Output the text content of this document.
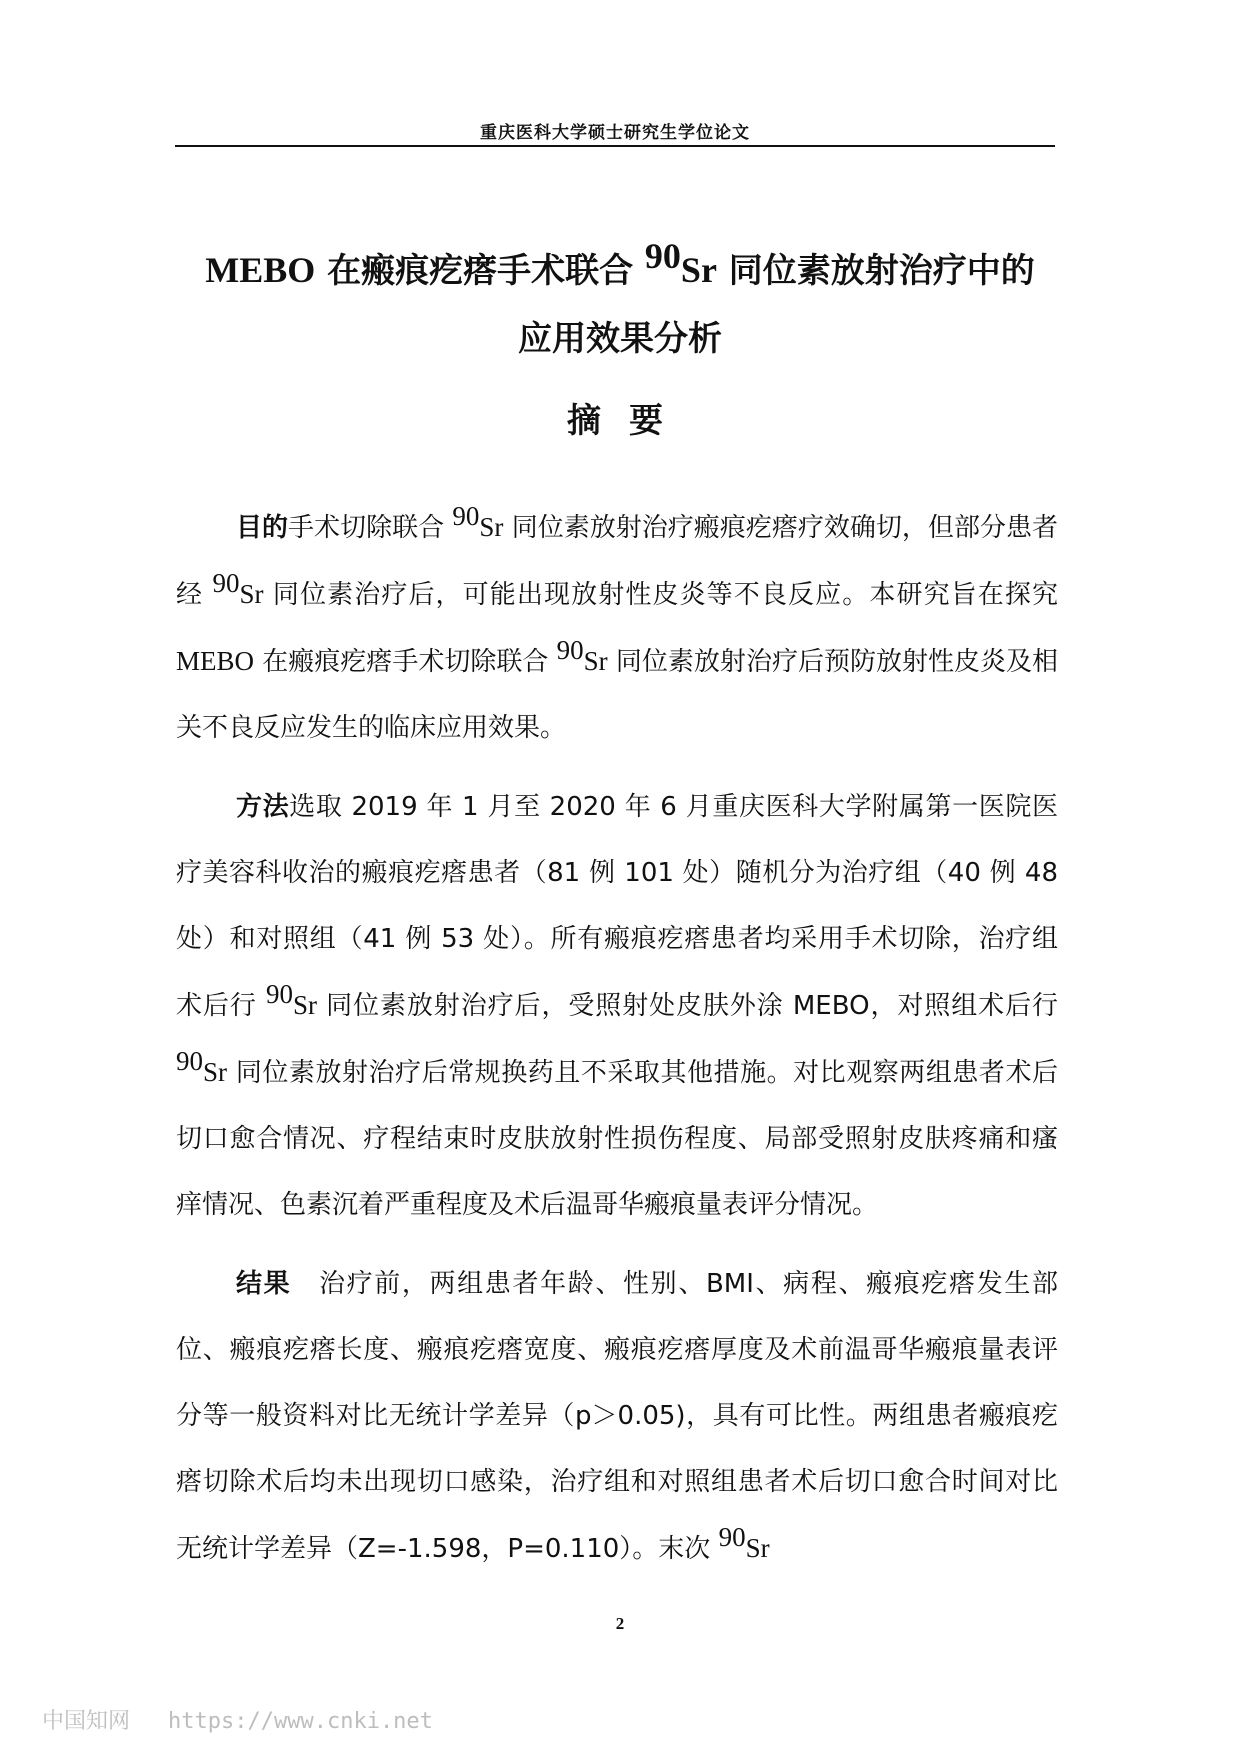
重庆医科大学硕士研究生学位论文
MEBO 在瘢痕疙瘩手术联合 $^{90}$Sr 同位素放射治疗中的
应用效果分析
摘要

目的手术切除联合 $^{90}$Sr 同位素放射治疗瘢痕疙瘩疗效确切，但部分患者经 $^{90}$Sr 同位素治疗后，可能出现放射性皮炎等不良反应。本研究旨在探究 MEBO 在瘢痕疙瘩手术切除联合 $^{90}$Sr 同位素放射治疗后预防放射性皮炎及相关不良反应发生的临床应用效果。

方法选取 2019 年 1 月至 2020 年 6 月重庆医科大学附属第一医院医疗美容科收治的瘢痕疙瘩患者（81 例 101 处）随机分为治疗组（40 例 48 处）和对照组（41 例 53 处）。所有瘢痕疙瘩患者均采用手术切除，治疗组术后行 $^{90}$Sr 同位素放射治疗后，受照射处皮肤外涂 MEBO，对照组术后行 $^{90}$Sr 同位素放射治疗后常规换药且不采取其他措施。对比观察两组患者术后切口愈合情况、疗程结束时皮肤放射性损伤程度、局部受照射皮肤疼痛和瘙痒情况、色素沉着严重程度及术后温哥华瘢痕量表评分情况。

结果　治疗前，两组患者年龄、性别、BMI、病程、瘢痕疙瘩发生部位、瘢痕疙瘩长度、瘢痕疙瘩宽度、瘢痕疙瘩厚度及术前温哥华瘢痕量表评分等一般资料对比无统计学差异（p＞0.05)，具有可比性。两组患者瘢痕疙瘩切除术后均未出现切口感染，治疗组和对照组患者术后切口愈合时间对比无统计学差异（Z=-1.598，P=0.110）。末次 $^{90}$Sr

2
中国知网 https://www.cnki.net
